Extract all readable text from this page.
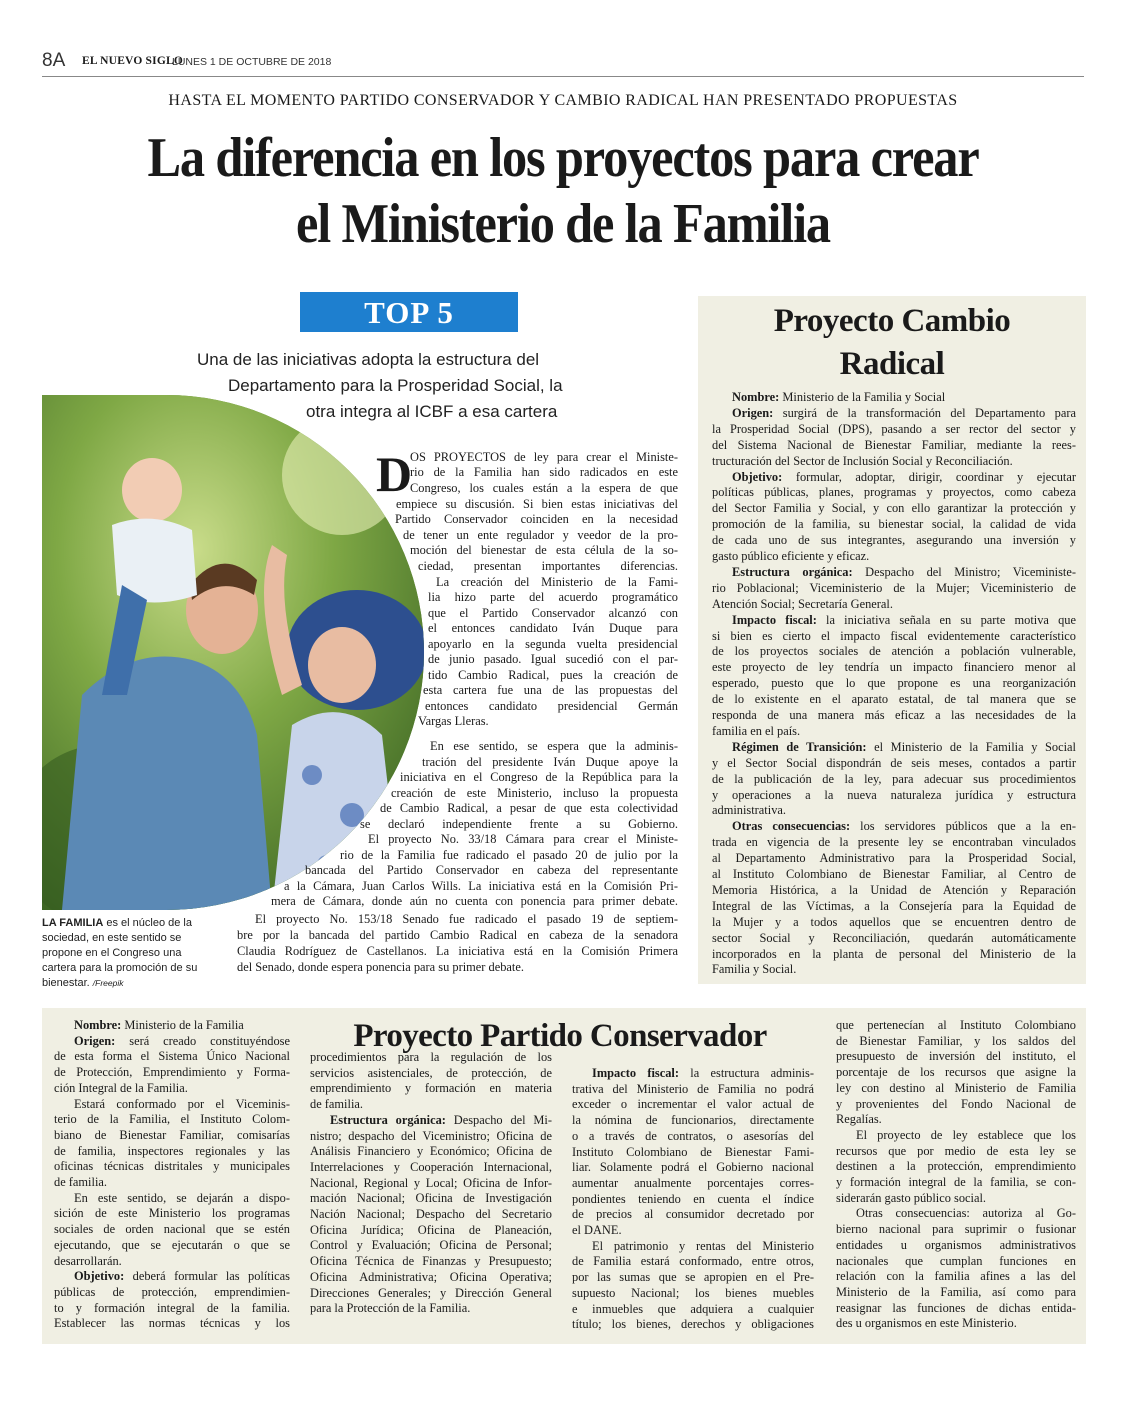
8A EL NUEVO SIGLO
LUNES 1 DE OCTUBRE DE 2018
HASTA EL MOMENTO PARTIDO CONSERVADOR Y CAMBIO RADICAL HAN PRESENTADO PROPUESTAS
La diferencia en los proyectos para crear
el Ministerio de la Familia
TOP 5
Una de las iniciativas adopta la estructura del
Departamento para la Prosperidad Social, la
otra integra al ICBF a esa cartera
LA FAMILIA es el núcleo de la
sociedad, en este sentido se
propone en el Congreso una
cartera para la promoción de su
bienestar. /Freepik
D
OS PROYECTOS de ley para crear el Ministe-
rio de la Familia han sido radicados en este
Congreso, los cuales están a la espera de que
empiece su discusión. Si bien estas iniciativas del
Partido Conservador coinciden en la necesidad
de tener un ente regulador y veedor de la pro-
moción del bienestar de esta célula de la so-
ciedad, presentan importantes diferencias.
La creación del Ministerio de la Fami-
lia hizo parte del acuerdo programático
que el Partido Conservador alcanzó con
el entonces candidato Iván Duque para
apoyarlo en la segunda vuelta presidencial
de junio pasado. Igual sucedió con el par-
tido Cambio Radical, pues la creación de
esta cartera fue una de las propuestas del
entonces candidato presidencial Germán
Vargas Lleras.
En ese sentido, se espera que la adminis-
tración del presidente Iván Duque apoye la
iniciativa en el Congreso de la República para la
creación de este Ministerio, incluso la propuesta
de Cambio Radical, a pesar de que esta colectividad
se declaró independiente frente a su Gobierno.
El proyecto No. 33/18 Cámara para crear el Ministe-
rio de la Familia fue radicado el pasado 20 de julio por la
bancada del Partido Conservador en cabeza del representante
a la Cámara, Juan Carlos Wills. La iniciativa está en la Comisión Pri-
mera de Cámara, donde aún no cuenta con ponencia para primer debate.
El proyecto No. 153/18 Senado fue radicado el pasado 19 de septiem-
bre por la bancada del partido Cambio Radical en cabeza de la senadora
Claudia Rodríguez de Castellanos. La iniciativa está en la Comisión Primera
del Senado, donde espera ponencia para su primer debate.
Proyecto Cambio
Radical
Nombre: Ministerio de la Familia y Social
Origen: surgirá de la transformación del Departamento para
la Prosperidad Social (DPS), pasando a ser rector del sector y
del Sistema Nacional de Bienestar Familiar, mediante la rees-
tructuración del Sector de Inclusión Social y Reconciliación.
Objetivo: formular, adoptar, dirigir, coordinar y ejecutar
políticas públicas, planes, programas y proyectos, como cabeza
del Sector Familia y Social, y con ello garantizar la protección y
promoción de la familia, su bienestar social, la calidad de vida
de cada uno de sus integrantes, asegurando una inversión y
gasto público eficiente y eficaz.
Estructura orgánica: Despacho del Ministro; Viceministe-
rio Poblacional; Viceministerio de la Mujer; Viceministerio de
Atención Social; Secretaría General.
Impacto fiscal: la iniciativa señala en su parte motiva que
si bien es cierto el impacto fiscal evidentemente característico
de los proyectos sociales de atención a población vulnerable,
este proyecto de ley tendría un impacto financiero menor al
esperado, puesto que lo que propone es una reorganización
de lo existente en el aparato estatal, de tal manera que se
responda de una manera más eficaz a las necesidades de la
familia en el país.
Régimen de Transición: el Ministerio de la Familia y Social
y el Sector Social dispondrán de seis meses, contados a partir
de la publicación de la ley, para adecuar sus procedimientos
y operaciones a la nueva naturaleza jurídica y estructura
administrativa.
Otras consecuencias: los servidores públicos que a la en-
trada en vigencia de la presente ley se encontraban vinculados
al Departamento Administrativo para la Prosperidad Social,
al Instituto Colombiano de Bienestar Familiar, al Centro de
Memoria Histórica, a la Unidad de Atención y Reparación
Integral de las Víctimas, a la Consejería para la Equidad de
la Mujer y a todos aquellos que se encuentren dentro de
sector Social y Reconciliación, quedarán automáticamente
incorporados en la planta de personal del Ministerio de la
Familia y Social.
Proyecto Partido Conservador
Nombre: Ministerio de la Familia
Origen: será creado constituyéndose
de esta forma el Sistema Único Nacional
de Protección, Emprendimiento y Forma-
ción Integral de la Familia.
Estará conformado por el Viceminis-
terio de la Familia, el Instituto Colom-
biano de Bienestar Familiar, comisarías
de familia, inspectores regionales y las
oficinas técnicas distritales y municipales
de familia.
En este sentido, se dejarán a dispo-
sición de este Ministerio los programas
sociales de orden nacional que se estén
ejecutando, que se ejecutarán o que se
desarrollarán.
Objetivo: deberá formular las políticas
públicas de protección, emprendimien-
to y formación integral de la familia.
Establecer las normas técnicas y los
procedimientos para la regulación de los
servicios asistenciales, de protección, de
emprendimiento y formación en materia
de familia.
Estructura orgánica: Despacho del Mi-
nistro; despacho del Viceministro; Oficina de
Análisis Financiero y Económico; Oficina de
Interrelaciones y Cooperación Internacional,
Nacional, Regional y Local; Oficina de Infor-
mación Nacional; Oficina de Investigación
Nación Nacional; Despacho del Secretario
Oficina Jurídica; Oficina de Planeación,
Control y Evaluación; Oficina de Personal;
Oficina Técnica de Finanzas y Presupuesto;
Oficina Administrativa; Oficina Operativa;
Direcciones Generales; y Dirección General
para la Protección de la Familia.
Impacto fiscal: la estructura adminis-
trativa del Ministerio de Familia no podrá
exceder o incrementar el valor actual de
la nómina de funcionarios, directamente
o a través de contratos, o asesorías del
Instituto Colombiano de Bienestar Fami-
liar. Solamente podrá el Gobierno nacional
aumentar anualmente porcentajes corres-
pondientes teniendo en cuenta el índice
de precios al consumidor decretado por
el DANE.
El patrimonio y rentas del Ministerio
de Familia estará conformado, entre otros,
por las sumas que se apropien en el Pre-
supuesto Nacional; los bienes muebles
e inmuebles que adquiera a cualquier
título; los bienes, derechos y obligaciones
que pertenecían al Instituto Colombiano
de Bienestar Familiar, y los saldos del
presupuesto de inversión del instituto, el
porcentaje de los recursos que asigne la
ley con destino al Ministerio de Familia
y provenientes del Fondo Nacional de
Regalías.
El proyecto de ley establece que los
recursos que por medio de esta ley se
destinen a la protección, emprendimiento
y formación integral de la familia, se con-
siderarán gasto público social.
Otras consecuencias: autoriza al Go-
bierno nacional para suprimir o fusionar
entidades u organismos administrativos
nacionales que cumplan funciones en
relación con la familia afines a las del
Ministerio de la Familia, así como para
reasignar las funciones de dichas entida-
des u organismos en este Ministerio.
